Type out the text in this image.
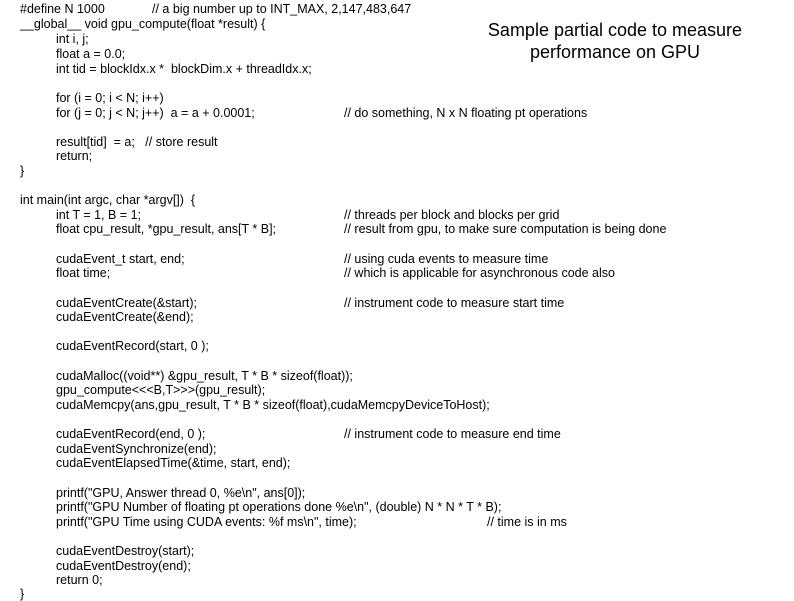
Sample partial code to measure
performance on GPU
#define N 1000	// a big number up to INT_MAX, 2,147,483,647
__global__ void gpu_compute(float *result) {
int i, j;
float a = 0.0;
int tid = blockIdx.x *  blockDim.x + threadIdx.x;
for (i = 0; i < N; i++)
for (j = 0; j < N; j++)  a = a + 0.0001;	// do something, N x N floating pt operations
result[tid]  = a;   // store result
return;
}
int main(int argc, char *argv[])  {
int T = 1, B = 1;	// threads per block and blocks per grid
float cpu_result, *gpu_result, ans[T * B];	// result from gpu, to make sure computation is being done
cudaEvent_t start, end;	// using cuda events to measure time
float time;	// which is applicable for asynchronous code also
cudaEventCreate(&start);	// instrument code to measure start time
cudaEventCreate(&end);
cudaEventRecord(start, 0 );
cudaMalloc((void**) &gpu_result, T * B * sizeof(float));
gpu_compute<<<B,T>>>(gpu_result);
cudaMemcpy(ans,gpu_result, T * B * sizeof(float),cudaMemcpyDeviceToHost);
cudaEventRecord(end, 0 );	// instrument code to measure end time
cudaEventSynchronize(end);
cudaEventElapsedTime(&time, start, end);
printf("GPU, Answer thread 0, %e\n", ans[0]);
printf("GPU Number of floating pt operations done %e\n", (double) N * N * T * B);
printf("GPU Time using CUDA events: %f ms\n", time);	// time is in ms
cudaEventDestroy(start);
cudaEventDestroy(end);
return 0;
}
